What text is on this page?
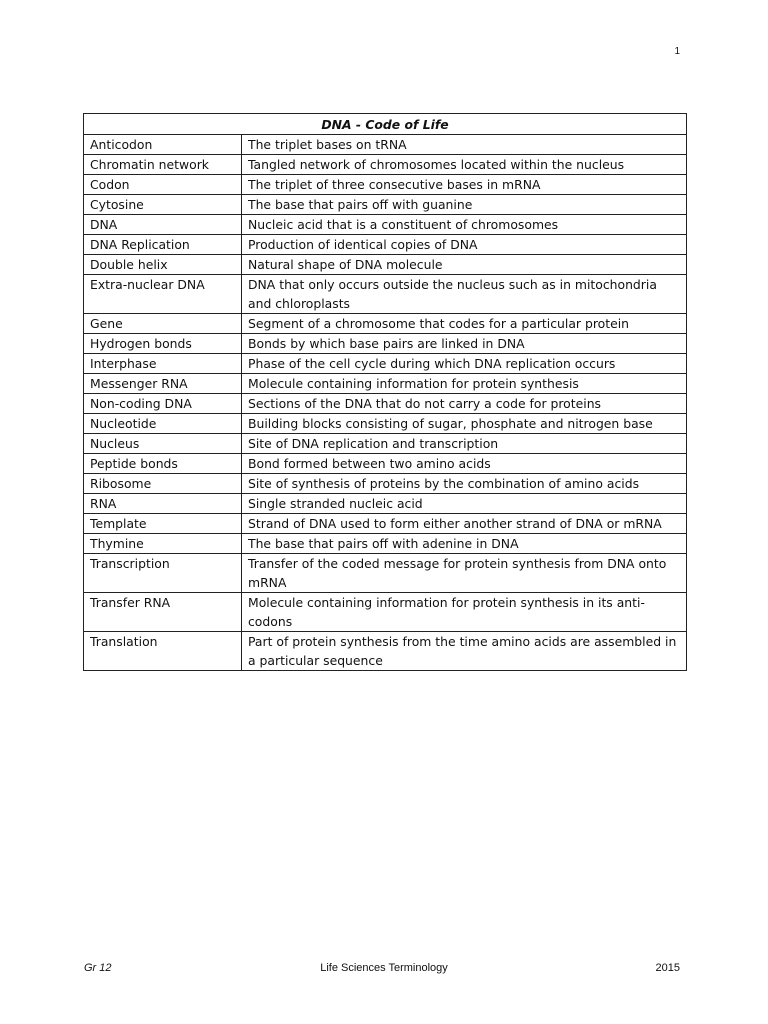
1
DNA - Code of Life	
Anticodon	The triplet bases on tRNA
Chromatin network	Tangled network of chromosomes located within the nucleus
Codon	The triplet of three consecutive bases in mRNA
Cytosine	The base that pairs off with guanine
DNA	Nucleic acid that is a constituent of chromosomes
DNA Replication	Production of identical copies of DNA
Double helix	Natural shape of DNA molecule
Extra-nuclear DNA	DNA that only occurs outside the nucleus such as in mitochondria and chloroplasts
Gene	Segment of a chromosome that codes for a particular protein
Hydrogen bonds	Bonds by which base pairs are linked in DNA
Interphase	Phase of the cell cycle during which DNA replication occurs
Messenger RNA	Molecule containing information for protein synthesis
Non-coding DNA	Sections of the DNA that do not carry a code for proteins
Nucleotide	Building blocks consisting of sugar, phosphate and nitrogen base
Nucleus	Site of DNA replication and transcription
Peptide bonds	Bond formed between two amino acids
Ribosome	Site of synthesis of proteins by the combination of amino acids
RNA	Single stranded nucleic acid
Template	Strand of DNA used to form either another strand of DNA or mRNA
Thymine	The base that pairs off with adenine in DNA
Transcription	Transfer of the coded message for protein synthesis from DNA onto mRNA
Transfer RNA	Molecule containing information for protein synthesis in its anti-codons
Translation	Part of protein synthesis from the time amino acids are assembled in a particular sequence
Gr 12	Life Sciences Terminology	2015
